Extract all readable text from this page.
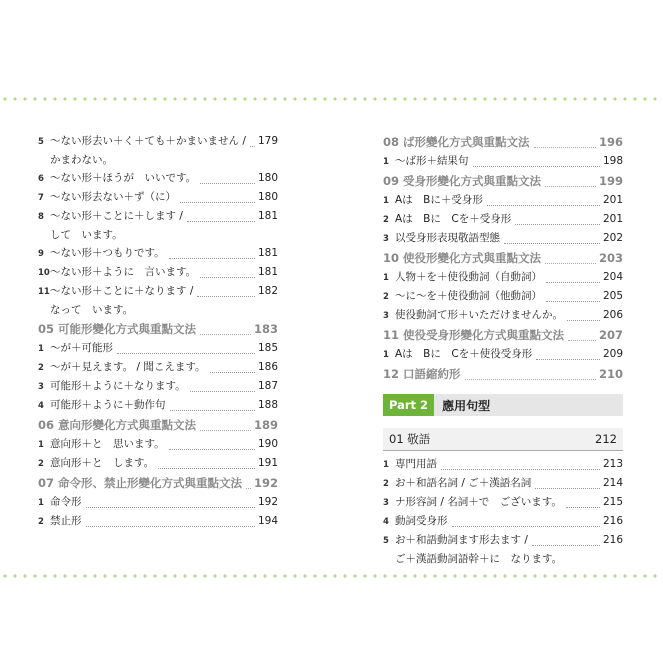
5 〜ない形去い＋く＋ても＋かまいません / 179
かまわない。
6 〜ない形＋ほうが　いいです。	180
7 〜ない形去ない＋ず（に）	180
8 〜ない形＋ことに＋します /	181
して　います。
9 〜ない形＋つもりです。	181
10 〜ない形＋ように　言います。	181
11 〜ない形＋ことに＋なります /	182
なって　います。
05 可能形變化方式與重點文法	183
1 〜が＋可能形	185
2 〜が＋見えます。 / 聞こえます。	186
3 可能形＋ように＋なります。	187
4 可能形＋ように＋動作句	188
06 意向形變化方式與重點文法	189
1 意向形＋と　思います。	190
2 意向形＋と　します。	191
07 命令形、禁止形變化方式與重點文法 192
1 命令形	192
2 禁止形	194
08 ば形變化方式與重點文法	196
1 〜ば形＋結果句	198
09 受身形變化方式與重點文法	199
1 Aは　Bに＋受身形	201
2 Aは　Bに　Cを＋受身形	201
3 以受身形表現敬語型態	202
10 使役形變化方式與重點文法	203
1 人物＋を＋使役動詞（自動詞）	204
2 〜に〜を＋使役動詞（他動詞）	205
3 使役動詞て形＋いただけませんか。	206
11 使役受身形變化方式與重點文法	207
1 Aは　Bに　Cを＋使役受身形	209
12 口語縮約形	210
Part 2	應用句型
01 敬語	212
1 専門用語	213
2 お＋和語名詞 / ご＋漢語名詞	214
3 ナ形容詞 / 名詞＋で　ございます。	215
4 動詞受身形	216
5 お＋和語動詞ます形去ます /	216
ご＋漢語動詞語幹＋に　なります。
